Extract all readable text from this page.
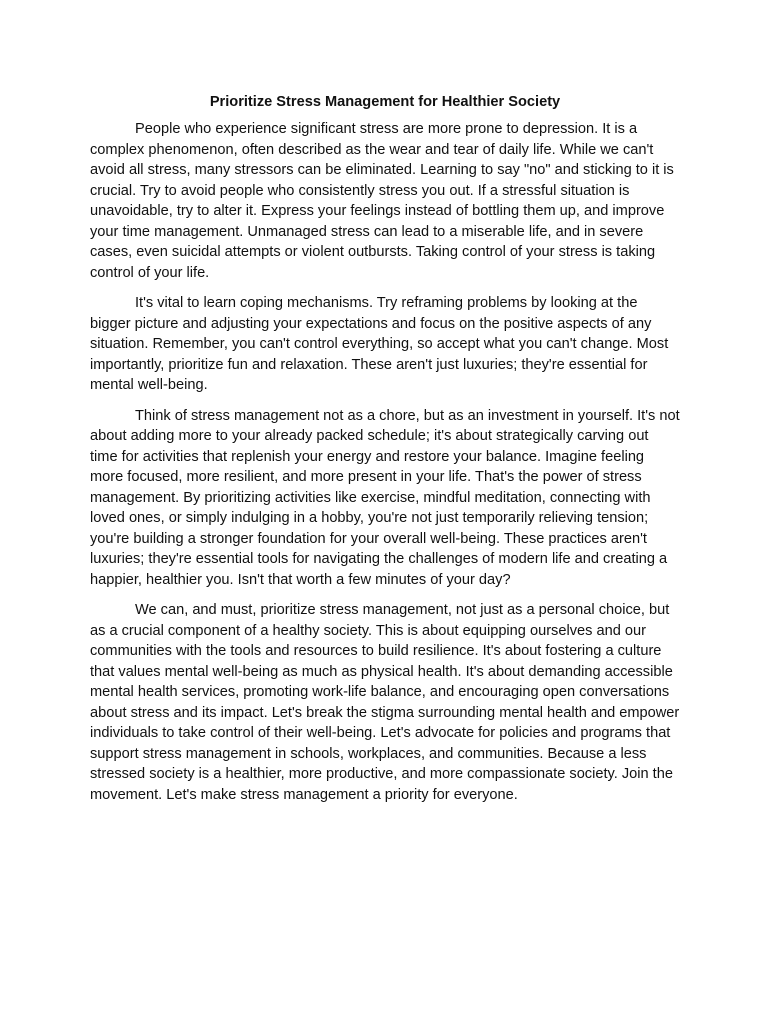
Prioritize Stress Management for Healthier Society

People who experience significant stress are more prone to depression. It is a complex phenomenon, often described as the wear and tear of daily life. While we can't avoid all stress, many stressors can be eliminated. Learning to say "no" and sticking to it is crucial. Try to avoid people who consistently stress you out. If a stressful situation is unavoidable, try to alter it. Express your feelings instead of bottling them up, and improve your time management. Unmanaged stress can lead to a miserable life, and in severe cases, even suicidal attempts or violent outbursts. Taking control of your stress is taking control of your life.

It's vital to learn coping mechanisms. Try reframing problems by looking at the bigger picture and adjusting your expectations and focus on the positive aspects of any situation. Remember, you can't control everything, so accept what you can't change. Most importantly, prioritize fun and relaxation. These aren't just luxuries; they're essential for mental well-being.

Think of stress management not as a chore, but as an investment in yourself. It's not about adding more to your already packed schedule; it's about strategically carving out time for activities that replenish your energy and restore your balance. Imagine feeling more focused, more resilient, and more present in your life. That's the power of stress management. By prioritizing activities like exercise, mindful meditation, connecting with loved ones, or simply indulging in a hobby, you're not just temporarily relieving tension; you're building a stronger foundation for your overall well-being. These practices aren't luxuries; they're essential tools for navigating the challenges of modern life and creating a happier, healthier you. Isn't that worth a few minutes of your day?

We can, and must, prioritize stress management, not just as a personal choice, but as a crucial component of a healthy society. This is about equipping ourselves and our communities with the tools and resources to build resilience. It's about fostering a culture that values mental well-being as much as physical health. It's about demanding accessible mental health services, promoting work-life balance, and encouraging open conversations about stress and its impact. Let's break the stigma surrounding mental health and empower individuals to take control of their well-being. Let's advocate for policies and programs that support stress management in schools, workplaces, and communities. Because a less stressed society is a healthier, more productive, and more compassionate society. Join the movement. Let's make stress management a priority for everyone.
